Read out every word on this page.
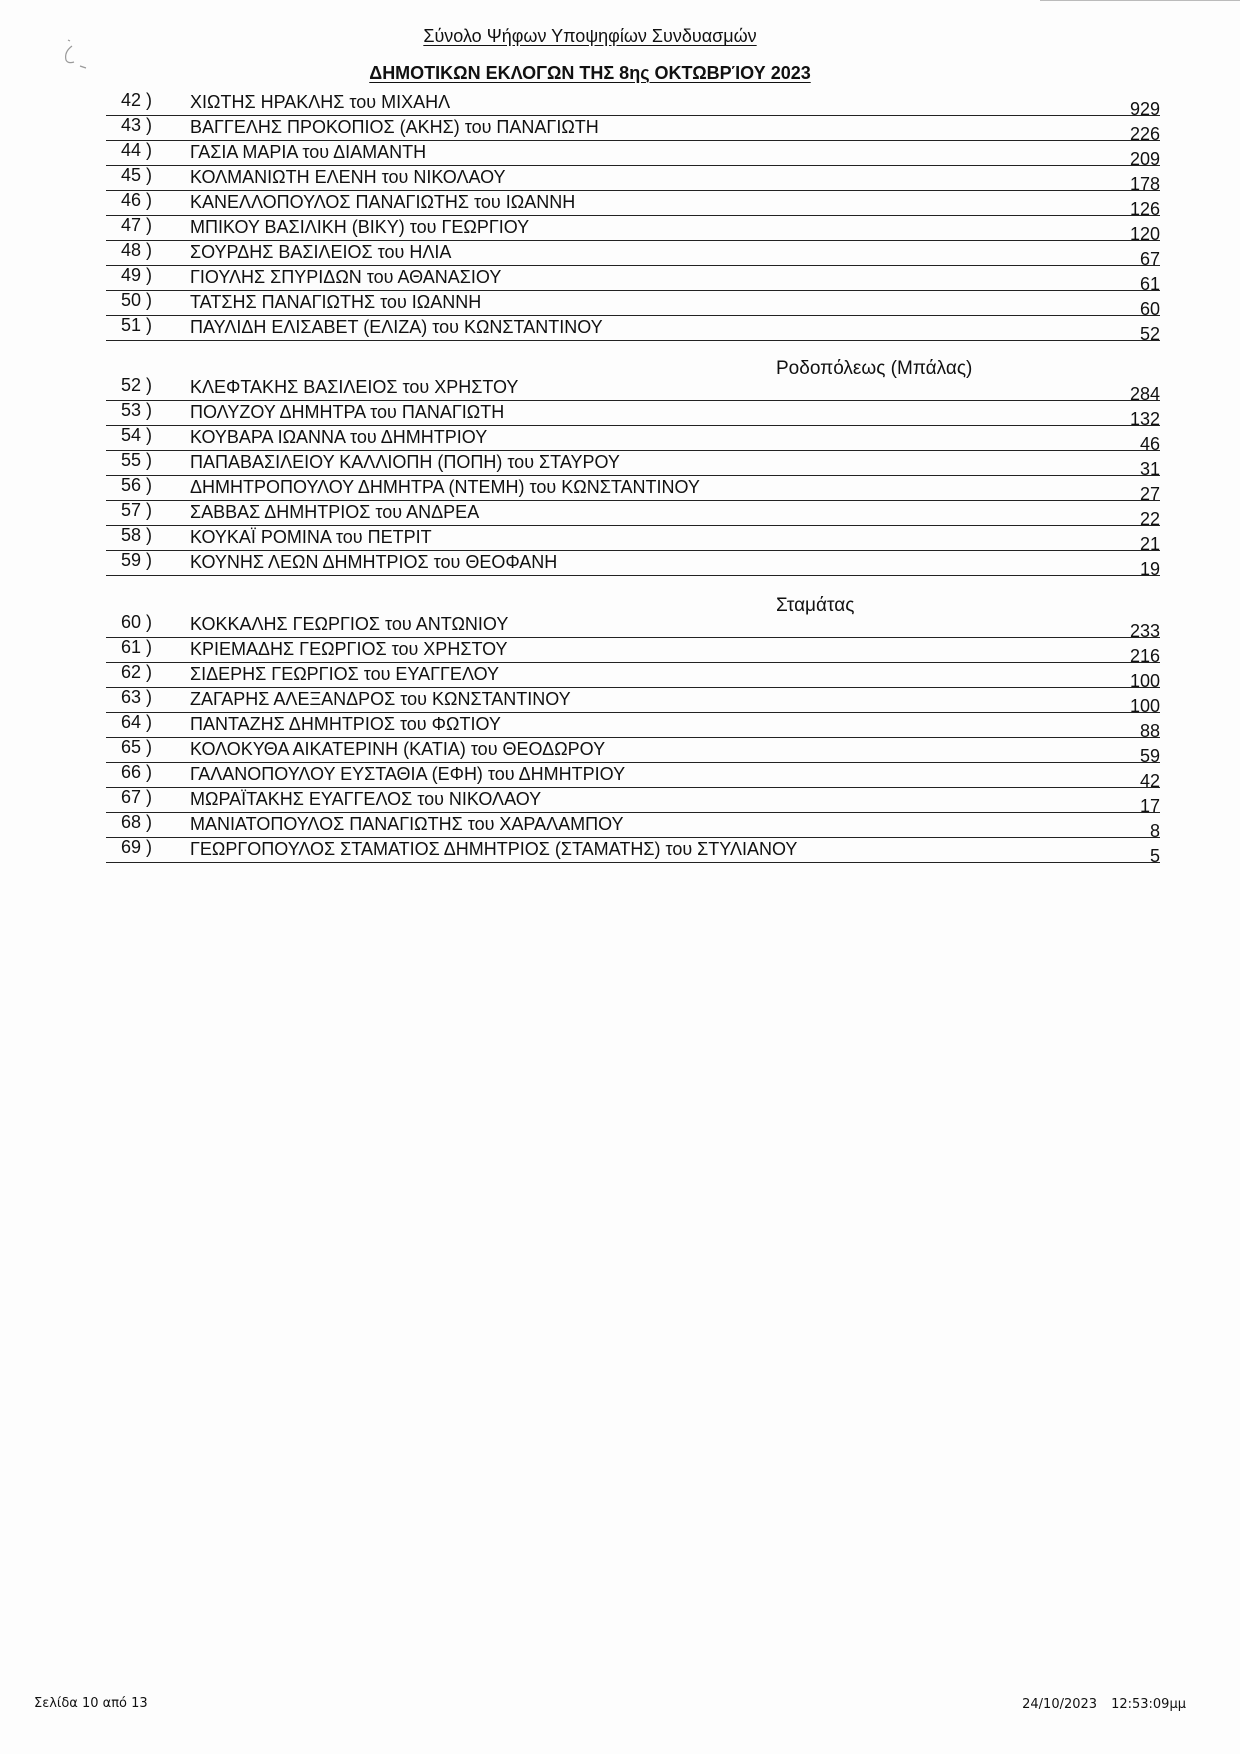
Σύνολο Ψήφων Υποψηφίων Συνδυασμών
ΔΗΜΟΤΙΚΩΝ ΕΚΛΟΓΩΝ ΤΗΣ 8ης ΟΚΤΩΒΡΊΟΥ 2023
42 ) ΧΙΩΤΗΣ ΗΡΑΚΛΗΣ του ΜΙΧΑΗΛ	929
43 ) ΒΑΓΓΕΛΗΣ ΠΡΟΚΟΠΙΟΣ (ΑΚΗΣ) του ΠΑΝΑΓΙΩΤΗ	226
44 ) ΓΑΣΙΑ ΜΑΡΙΑ του ΔΙΑΜΑΝΤΗ	209
45 ) ΚΟΛΜΑΝΙΩΤΗ ΕΛΕΝΗ του ΝΙΚΟΛΑΟΥ	178
46 ) ΚΑΝΕΛΛΟΠΟΥΛΟΣ ΠΑΝΑΓΙΩΤΗΣ του ΙΩΑΝΝΗ	126
47 ) ΜΠΙΚΟΥ ΒΑΣΙΛΙΚΗ (ΒΙΚΥ) του ΓΕΩΡΓΙΟΥ	120
48 ) ΣΟΥΡΔΗΣ ΒΑΣΙΛΕΙΟΣ του ΗΛΙΑ	67
49 ) ΓΙΟΥΛΗΣ ΣΠΥΡΙΔΩΝ του ΑΘΑΝΑΣΙΟΥ	61
50 ) ΤΑΤΣΗΣ ΠΑΝΑΓΙΩΤΗΣ του ΙΩΑΝΝΗ	60
51 ) ΠΑΥΛΙΔΗ ΕΛΙΣΑΒΕΤ (ΕΛΙΖΑ) του ΚΩΝΣΤΑΝΤΙΝΟΥ	52
Ροδοπόλεως (Μπάλας)
52 ) ΚΛΕΦΤΑΚΗΣ ΒΑΣΙΛΕΙΟΣ του ΧΡΗΣΤΟΥ	284
53 ) ΠΟΛΥΖΟΥ ΔΗΜΗΤΡΑ του ΠΑΝΑΓΙΩΤΗ	132
54 ) ΚΟΥΒΑΡΑ ΙΩΑΝΝΑ του ΔΗΜΗΤΡΙΟΥ	46
55 ) ΠΑΠΑΒΑΣΙΛΕΙΟΥ ΚΑΛΛΙΟΠΗ (ΠΟΠΗ) του ΣΤΑΥΡΟΥ	31
56 ) ΔΗΜΗΤΡΟΠΟΥΛΟΥ ΔΗΜΗΤΡΑ (ΝΤΕΜΗ) του ΚΩΝΣΤΑΝΤΙΝΟΥ	27
57 ) ΣΑΒΒΑΣ ΔΗΜΗΤΡΙΟΣ του ΑΝΔΡΕΑ	22
58 ) ΚΟΥΚΑΪ ΡΟΜΙΝΑ του ΠΕΤΡΙΤ	21
59 ) ΚΟΥΝΗΣ ΛΕΩΝ ΔΗΜΗΤΡΙΟΣ του ΘΕΟΦΑΝΗ	19
Σταμάτας
60 ) ΚΟΚΚΑΛΗΣ ΓΕΩΡΓΙΟΣ του ΑΝΤΩΝΙΟΥ	233
61 ) ΚΡΙΕΜΑΔΗΣ ΓΕΩΡΓΙΟΣ του ΧΡΗΣΤΟΥ	216
62 ) ΣΙΔΕΡΗΣ ΓΕΩΡΓΙΟΣ του ΕΥΑΓΓΕΛΟΥ	100
63 ) ΖΑΓΑΡΗΣ ΑΛΕΞΑΝΔΡΟΣ του ΚΩΝΣΤΑΝΤΙΝΟΥ	100
64 ) ΠΑΝΤΑΖΗΣ ΔΗΜΗΤΡΙΟΣ του ΦΩΤΙΟΥ	88
65 ) ΚΟΛΟΚΥΘΑ ΑΙΚΑΤΕΡΙΝΗ (ΚΑΤΙΑ) του ΘΕΟΔΩΡΟΥ	59
66 ) ΓΑΛΑΝΟΠΟΥΛΟΥ ΕΥΣΤΑΘΙΑ (ΕΦΗ) του ΔΗΜΗΤΡΙΟΥ	42
67 ) ΜΩΡΑΪΤΑΚΗΣ ΕΥΑΓΓΕΛΟΣ του ΝΙΚΟΛΑΟΥ	17
68 ) ΜΑΝΙΑΤΟΠΟΥΛΟΣ ΠΑΝΑΓΙΩΤΗΣ του ΧΑΡΑΛΑΜΠΟΥ	8
69 ) ΓΕΩΡΓΟΠΟΥΛΟΣ ΣΤΑΜΑΤΙΟΣ ΔΗΜΗΤΡΙΟΣ (ΣΤΑΜΑΤΗΣ) του ΣΤΥΛΙΑΝΟΥ	5
Σελίδα 10 από 13	24/10/2023 12:53:09μμ
